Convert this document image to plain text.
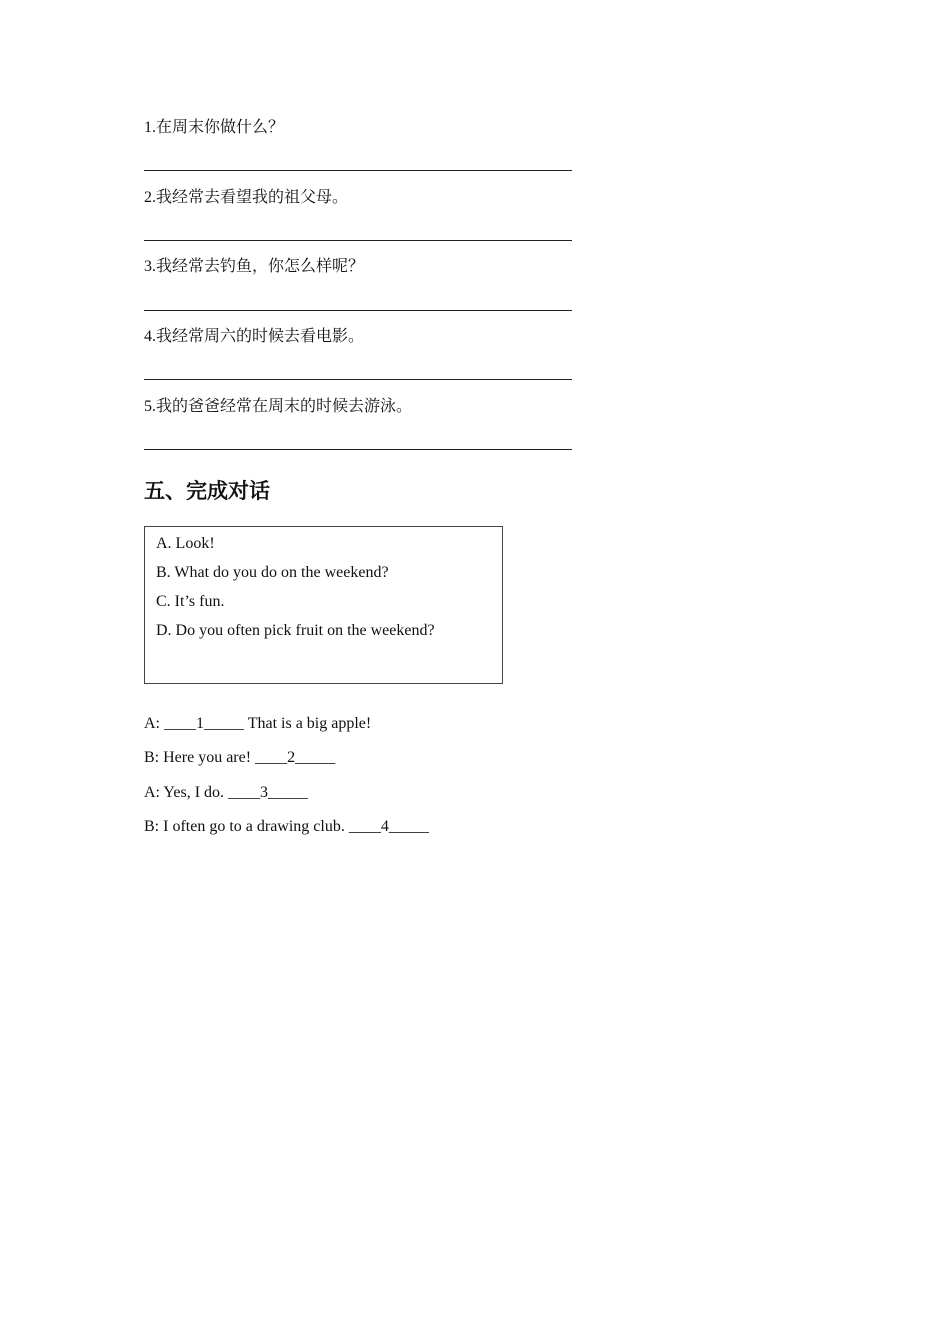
1.在周末你做什么？
2.我经常去看望我的祖父母。
3.我经常去钓鱼，你怎么样呢？
4.我经常周六的时候去看电影。
5.我的爸爸经常在周末的时候去游泳。
五、完成对话
A. Look!
B. What do you do on the weekend?
C. It’s fun.
D. Do you often pick fruit on the weekend?
A: ____1_____ That is a big apple!
B: Here you are! ____2_____
A: Yes, I do. ____3_____
B: I often go to a drawing club. ____4_____
